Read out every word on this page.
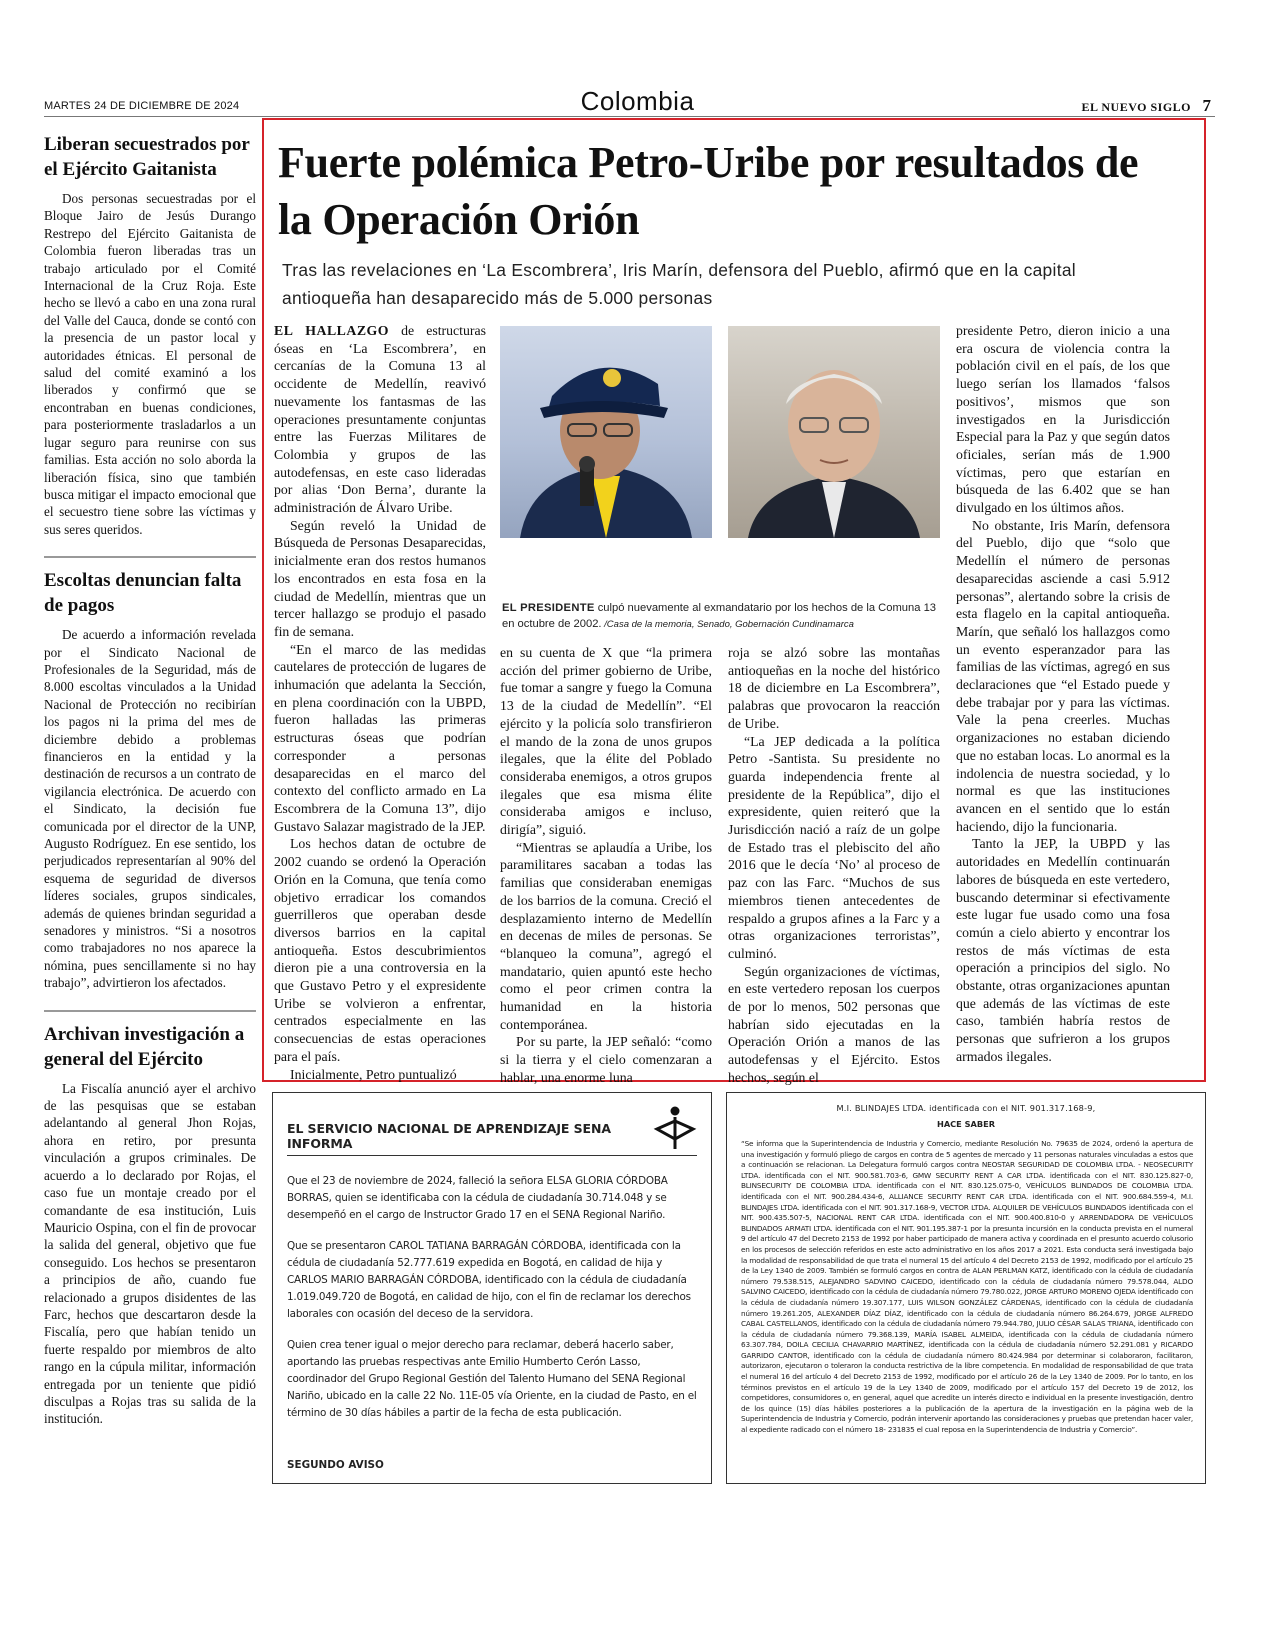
MARTES 24 DE DICIEMBRE DE 2024	Colombia	EL NUEVO SIGLO 7
Liberan secuestrados por el Ejército Gaitanista

Dos personas secuestradas por el Bloque Jairo de Jesús Durango Restrepo del Ejército Gaitanista de Colombia fueron liberadas tras un trabajo articulado por el Comité Internacional de la Cruz Roja. Este hecho se llevó a cabo en una zona rural del Valle del Cauca, donde se contó con la presencia de un pastor local y autoridades étnicas. El personal de salud del comité examinó a los liberados y confirmó que se encontraban en buenas condiciones, para posteriormente trasladarlos a un lugar seguro para reunirse con sus familias. Esta acción no solo aborda la liberación física, sino que también busca mitigar el impacto emocional que el secuestro tiene sobre las víctimas y sus seres queridos.

Escoltas denuncian falta de pagos

De acuerdo a información revelada por el Sindicato Nacional de Profesionales de la Seguridad, más de 8.000 escoltas vinculados a la Unidad Nacional de Protección no recibirían los pagos ni la prima del mes de diciembre debido a problemas financieros en la entidad y la destinación de recursos a un contrato de vigilancia electrónica. De acuerdo con el Sindicato, la decisión fue comunicada por el director de la UNP, Augusto Rodríguez. En ese sentido, los perjudicados representarían al 90% del esquema de seguridad de diversos líderes sociales, grupos sindicales, además de quienes brindan seguridad a senadores y ministros. “Si a nosotros como trabajadores no nos aparece la nómina, pues sencillamente si no hay trabajo”, advirtieron los afectados.

Archivan investigación a general del Ejército

La Fiscalía anunció ayer el archivo de las pesquisas que se estaban adelantando al general Jhon Rojas, ahora en retiro, por presunta vinculación a grupos criminales. De acuerdo a lo declarado por Rojas, el caso fue un montaje creado por el comandante de esa institución, Luis Mauricio Ospina, con el fin de provocar la salida del general, objetivo que fue conseguido. Los hechos se presentaron a principios de año, cuando fue relacionado a grupos disidentes de las Farc, hechos que descartaron desde la Fiscalía, pero que habían tenido un fuerte respaldo por miembros de alto rango en la cúpula militar, información entregada por un teniente que pidió disculpas a Rojas tras su salida de la institución.

Fuerte polémica Petro-Uribe por resultados de la Operación Orión
Tras las revelaciones en ‘La Escombrera’, Iris Marín, defensora del Pueblo, afirmó que en la capital antioqueña han desaparecido más de 5.000 personas

EL HALLAZGO de estructuras óseas en ‘La Escombrera’, en cercanías de la Comuna 13 al occidente de Medellín, reavivó nuevamente los fantasmas de las operaciones presuntamente conjuntas entre las Fuerzas Militares de Colombia y grupos de las autodefensas, en este caso lideradas por alias ‘Don Berna’, durante la administración de Álvaro Uribe.

Según reveló la Unidad de Búsqueda de Personas Desaparecidas, inicialmente eran dos restos humanos los encontrados en esta fosa en la ciudad de Medellín, mientras que un tercer hallazgo se produjo el pasado fin de semana.

“En el marco de las medidas cautelares de protección de lugares de inhumación que adelanta la Sección, en plena coordinación con la UBPD, fueron halladas las primeras estructuras óseas que podrían corresponder a personas desaparecidas en el marco del contexto del conflicto armado en La Escombrera de la Comuna 13”, dijo Gustavo Salazar magistrado de la JEP.

Los hechos datan de octubre de 2002 cuando se ordenó la Operación Orión en la Comuna, que tenía como objetivo erradicar los comandos guerrilleros que operaban desde diversos barrios en la capital antioqueña. Estos descubrimientos dieron pie a una controversia en la que Gustavo Petro y el expresidente Uribe se volvieron a enfrentar, centrados especialmente en las consecuencias de estas operaciones para el país.

Inicialmente, Petro puntualizó

EL PRESIDENTE culpó nuevamente al exmandatario por los hechos de la Comuna 13 en octubre de 2002. /Casa de la memoria, Senado, Gobernación Cundinamarca

en su cuenta de X que “la primera acción del primer gobierno de Uribe, fue tomar a sangre y fuego la Comuna 13 de la ciudad de Medellín”. “El ejército y la policía solo transfirieron el mando de la zona de unos grupos ilegales, que la élite del Poblado consideraba enemigos, a otros grupos ilegales que esa misma élite consideraba amigos e incluso, dirigía”, siguió.

“Mientras se aplaudía a Uribe, los paramilitares sacaban a todas las familias que consideraban enemigas de los barrios de la comuna. Creció el desplazamiento interno de Medellín en decenas de miles de personas. Se “blanqueo la comuna”, agregó el mandatario, quien apuntó este hecho como el peor crimen contra la humanidad en la historia contemporánea.

Por su parte, la JEP señaló: “como si la tierra y el cielo comenzaran a hablar, una enorme luna

roja se alzó sobre las montañas antioqueñas en la noche del histórico 18 de diciembre en La Escombrera”, palabras que provocaron la reacción de Uribe.

“La JEP dedicada a la política Petro -Santista. Su presidente no guarda independencia frente al presidente de la República”, dijo el expresidente, quien reiteró que la Jurisdicción nació a raíz de un golpe de Estado tras el plebiscito del año 2016 que le decía ‘No’ al proceso de paz con las Farc. “Muchos de sus miembros tienen antecedentes de respaldo a grupos afines a la Farc y a otras organizaciones terroristas”, culminó.

Según organizaciones de víctimas, en este vertedero reposan los cuerpos de por lo menos, 502 personas que habrían sido ejecutadas en la Operación Orión a manos de las autodefensas y el Ejército. Estos hechos, según el

presidente Petro, dieron inicio a una era oscura de violencia contra la población civil en el país, de los que luego serían los llamados ‘falsos positivos’, mismos que son investigados en la Jurisdicción Especial para la Paz y que según datos oficiales, serían más de 1.900 víctimas, pero que estarían en búsqueda de las 6.402 que se han divulgado en los últimos años.

No obstante, Iris Marín, defensora del Pueblo, dijo que “solo que Medellín el número de personas desaparecidas asciende a casi 5.912 personas”, alertando sobre la crisis de esta flagelo en la capital antioqueña. Marín, que señaló los hallazgos como un evento esperanzador para las familias de las víctimas, agregó en sus declaraciones que “el Estado puede y debe trabajar por y para las víctimas. Vale la pena creerles. Muchas organizaciones no estaban diciendo que no estaban locas. Lo anormal es la indolencia de nuestra sociedad, y lo normal es que las instituciones avancen en el sentido que lo están haciendo, dijo la funcionaria.

Tanto la JEP, la UBPD y las autoridades en Medellín continuarán labores de búsqueda en este vertedero, buscando determinar si efectivamente este lugar fue usado como una fosa común a cielo abierto y encontrar los restos de más víctimas de esta operación a principios del siglo. No obstante, otras organizaciones apuntan que además de las víctimas de este caso, también habría restos de personas que sufrieron a los grupos armados ilegales.

EL SERVICIO NACIONAL DE APRENDIZAJE SENA INFORMA

Que el 23 de noviembre de 2024, falleció la señora ELSA GLORIA CÓRDOBA BORRAS, quien se identificaba con la cédula de ciudadanía 30.714.048 y se desempeñó en el cargo de Instructor Grado 17 en el SENA Regional Nariño.

Que se presentaron CAROL TATIANA BARRAGÁN CÓRDOBA, identificada con la cédula de ciudadanía 52.777.619 expedida en Bogotá, en calidad de hija y CARLOS MARIO BARRAGÁN CÓRDOBA, identificado con la cédula de ciudadanía 1.019.049.720 de Bogotá, en calidad de hijo, con el fin de reclamar los derechos laborales con ocasión del deceso de la servidora.

Quien crea tener igual o mejor derecho para reclamar, deberá hacerlo saber, aportando las pruebas respectivas ante Emilio Humberto Cerón Lasso, coordinador del Grupo Regional Gestión del Talento Humano del SENA Regional Nariño, ubicado en la calle 22 No. 11E-05 vía Oriente, en la ciudad de Pasto, en el término de 30 días hábiles a partir de la fecha de esta publicación.

SEGUNDO AVISO
M.I. BLINDAJES LTDA. identificada con el NIT. 901.317.168-9,
HACE SABER
“Se informa que la Superintendencia de Industria y Comercio, mediante Resolución No. 79635 de 2024, ordenó la apertura de una investigación y formuló pliego de cargos en contra de 5 agentes de mercado y 11 personas naturales vinculadas a estos que a continuación se relacionan. La Delegatura formuló cargos contra NEOSTAR SEGURIDAD DE COLOMBIA LTDA. - NEOSECURITY LTDA. identificada con el NIT. 900.581.703-6, GMW SECURITY RENT A CAR LTDA. identificada con el NIT. 830.125.827-0, BLINSECURITY DE COLOMBIA LTDA. identificada con el NIT. 830.125.075-0, VEHÍCULOS BLINDADOS DE COLOMBIA LTDA. identificada con el NIT. 900.284.434-6, ALLIANCE SECURITY RENT CAR LTDA. identificada con el NIT. 900.684.559-4, M.I. BLINDAJES LTDA. identificada con el NIT. 901.317.168-9, VECTOR LTDA. ALQUILER DE VEHÍCULOS BLINDADOS identificada con el NIT. 900.435.507-5, NACIONAL RENT CAR LTDA. identificada con el NIT. 900.400.810-0 y ARRENDADORA DE VEHÍCULOS BLINDADOS ARMATI LTDA. identificada con el NIT. 901.195.387-1 por la presunta incursión en la conducta prevista en el numeral 9 del artículo 47 del Decreto 2153 de 1992 por haber participado de manera activa y coordinada en el presunto acuerdo colusorio en los procesos de selección referidos en este acto administrativo en los años 2017 a 2021. Esta conducta será investigada bajo la modalidad de responsabilidad de que trata el numeral 15 del artículo 4 del Decreto 2153 de 1992, modificado por el artículo 25 de la Ley 1340 de 2009. También se formuló cargos en contra de ALAN PERLMAN KATZ, identificado con la cédula de ciudadanía número 79.538.515, ALEJANDRO SADVINO CAICEDO, identificado con la cédula de ciudadanía número 79.578.044, ALDO SALVINO CAICEDO, identificado con la cédula de ciudadanía número 79.780.022, JORGE ARTURO MORENO OJEDA identificado con la cédula de ciudadanía número 19.307.177, LUIS WILSON GONZÁLEZ CÁRDENAS, identificado con la cédula de ciudadanía número 19.261.205, ALEXANDER DÍAZ DÍAZ, identificado con la cédula de ciudadanía número 86.264.679, JORGE ALFREDO CABAL CASTELLANOS, identificado con la cédula de ciudadanía número 79.944.780, JULIO CÉSAR SALAS TRIANA, identificado con la cédula de ciudadanía número 79.368.139, MARÍA ISABEL ALMEIDA, identificada con la cédula de ciudadanía número 63.307.784, DOILA CECILIA CHAVARRIO MARTÍNEZ, identificada con la cédula de ciudadanía número 52.291.081 y RICARDO GARRIDO CANTOR, identificado con la cédula de ciudadanía número 80.424.984 por determinar si colaboraron, facilitaron, autorizaron, ejecutaron o toleraron la conducta restrictiva de la libre competencia. En modalidad de responsabilidad de que trata el numeral 16 del artículo 4 del Decreto 2153 de 1992, modificado por el artículo 26 de la Ley 1340 de 2009. Por lo tanto, en los términos previstos en el artículo 19 de la Ley 1340 de 2009, modificado por el artículo 157 del Decreto 19 de 2012, los competidores, consumidores o, en general, aquel que acredite un interés directo e individual en la presente investigación, dentro de los quince (15) días hábiles posteriores a la publicación de la apertura de la investigación en la página web de la Superintendencia de Industria y Comercio, podrán intervenir aportando las consideraciones y pruebas que pretendan hacer valer, al expediente radicado con el número 18- 231835 el cual reposa en la Superintendencia de Industria y Comercio”.
